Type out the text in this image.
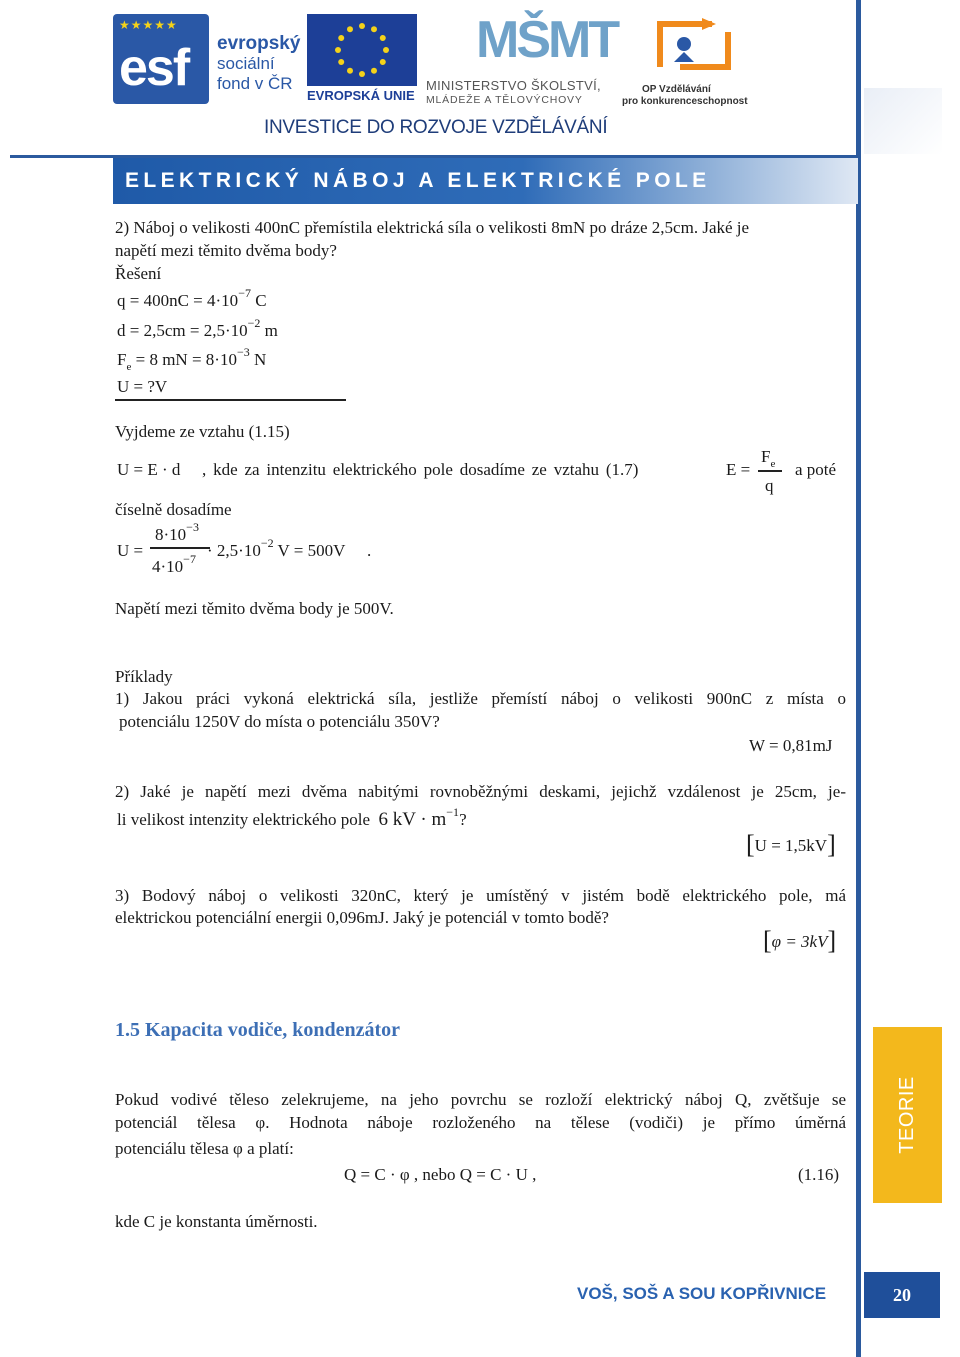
★★★★★
esf evropský
sociální
fond v ČR
EVROPSKÁ UNIE
MŠMT
MINISTERSTVO ŠKOLSTVÍ,
MLÁDEŽE A TĚLOVÝCHOVY
OP Vzdělávání
pro konkurenceschopnost
INVESTICE DO ROZVOJE VZDĚLÁVÁNÍ
ELEKTRICKÝ NÁBOJ A ELEKTRICKÉ POLE
2) Náboj o velikosti 400nC přemístila elektrická síla o velikosti 8mN po dráze 2,5cm. Jaké je
napětí mezi těmito dvěma body?
Řešení
$q = 400nC = 4\cdot 10^{-7}$ C
$d = 2,5cm = 2,5\cdot 10^{-2}$ m
$F_e = 8$ mN = $8\cdot 10^{-3}$ N
U = ?V
Vyjdeme ze vztahu (1.15)
U = E · d , kde za intenzitu elektrického pole dosadíme ze vztahu (1.7)	E =
$F_e$
q
a poté
číselně dosadíme
U =
$8\cdot 10^{-3}$
$4\cdot 10^{-7} \cdot 2,5\cdot 10^{-2}$ V = 500V .
Napětí mezi těmito dvěma body je 500V.
Příklady
1) Jakou práci vykoná elektrická síla, jestliže přemístí náboj o velikosti 900nC z místa o
potenciálu 1250V do místa o potenciálu 350V?
W = 0,81mJ
2) Jaké je napětí mezi dvěma nabitými rovnoběžnými deskami, jejichž vzdálenost je 25cm, je-
li velikost intenzity elektrického pole 6 kV · $m^{-1}$?
[U = 1,5kV]
3) Bodový náboj o velikosti 320nC, který je umístěný v jistém bodě elektrického pole, má
elektrickou potenciální energii 0,096mJ. Jaký je potenciál v tomto bodě?
[φ = 3kV]
1.5 Kapacita vodiče, kondenzátor
Pokud vodivé těleso zelekrujeme, na jeho povrchu se rozloží elektrický náboj Q, zvětšuje se
potenciál tělesa φ. Hodnota náboje rozloženého na tělese (vodiči) je přímo úměrná
potenciálu tělesa φ a platí:
Q = C · φ , nebo Q = C · U ,	(1.16)
kde C je konstanta úměrnosti.
TEORIE
VOŠ, SOŠ A SOU KOPŘIVNICE	20
